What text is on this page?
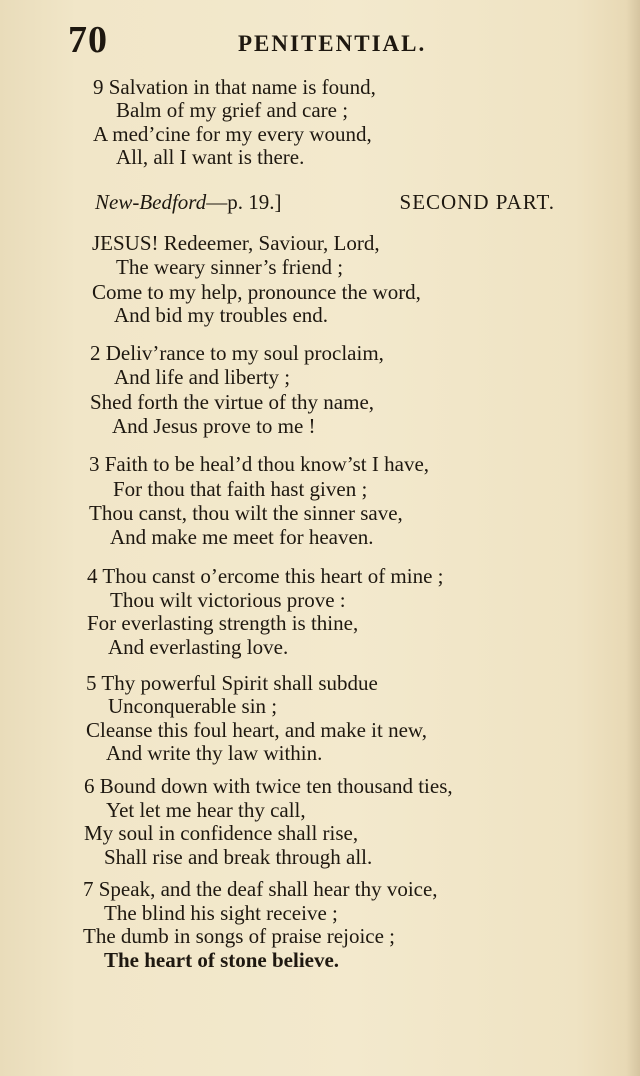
70	PENITENTIAL.
9 Salvation in that name is found,
Balm of my grief and care ;
A med’cine for my every wound,
All, all I want is there.
New-Bedford—p. 19.]	SECOND PART.
JESUS! Redeemer, Saviour, Lord,
The weary sinner’s friend ;
Come to my help, pronounce the word,
And bid my troubles end.
2 Deliv’rance to my soul proclaim,
And life and liberty ;
Shed forth the virtue of thy name,
And Jesus prove to me !
3 Faith to be heal’d thou know’st I have,
For thou that faith hast given ;
Thou canst, thou wilt the sinner save,
And make me meet for heaven.
4 Thou canst o’ercome this heart of mine ;
Thou wilt victorious prove :
For everlasting strength is thine,
And everlasting love.
5 Thy powerful Spirit shall subdue
Unconquerable sin ;
Cleanse this foul heart, and make it new,
And write thy law within.
6 Bound down with twice ten thousand ties,
Yet let me hear thy call,
My soul in confidence shall rise,
Shall rise and break through all.
7 Speak, and the deaf shall hear thy voice,
The blind his sight receive ;
The dumb in songs of praise rejoice ;
The heart of stone believe.
